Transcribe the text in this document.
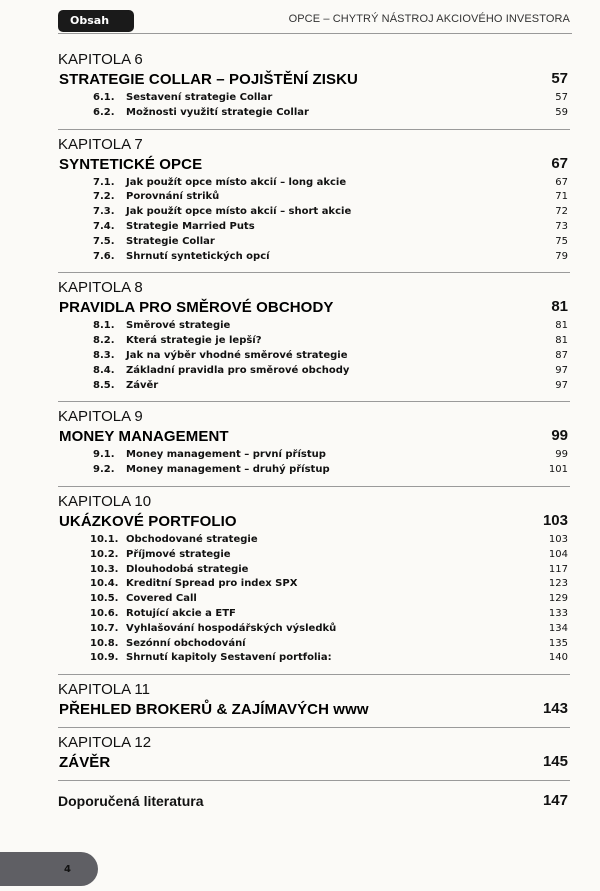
Obsah	OPCE – CHYTRÝ NÁSTROJ AKCIOVÉHO INVESTORA
KAPITOLA 6
STRATEGIE COLLAR – POJIŠTĚNÍ ZISKU	57
6.1. Sestavení strategie Collar	57
6.2. Možnosti využití strategie Collar	59
KAPITOLA 7
SYNTETICKÉ OPCE	67
7.1. Jak použít opce místo akcií – long akcie	67
7.2. Porovnání striků	71
7.3. Jak použít opce místo akcií – short akcie	72
7.4. Strategie Married Puts	73
7.5. Strategie Collar	75
7.6. Shrnutí syntetických opcí	79
KAPITOLA 8
PRAVIDLA PRO SMĚROVÉ OBCHODY	81
8.1. Směrové strategie	81
8.2. Která strategie je lepší?	81
8.3. Jak na výběr vhodné směrové strategie	87
8.4. Základní pravidla pro směrové obchody	97
8.5. Závěr	97
KAPITOLA 9
MONEY MANAGEMENT	99
9.1. Money management – první přístup	99
9.2. Money management – druhý přístup	101
KAPITOLA 10
UKÁZKOVÉ PORTFOLIO	103
10.1. Obchodované strategie	103
10.2. Příjmové strategie	104
10.3. Dlouhodobá strategie	117
10.4. Kreditní Spread pro index SPX	123
10.5. Covered Call	129
10.6. Rotující akcie a ETF	133
10.7. Vyhlašování hospodářských výsledků	134
10.8. Sezónní obchodování	135
10.9. Shrnutí kapitoly Sestavení portfolia:	140
KAPITOLA 11
PŘEHLED BROKERŮ & ZAJÍMAVÝCH www	143
KAPITOLA 12
ZÁVĚR	145
Doporučená literatura	147
4
